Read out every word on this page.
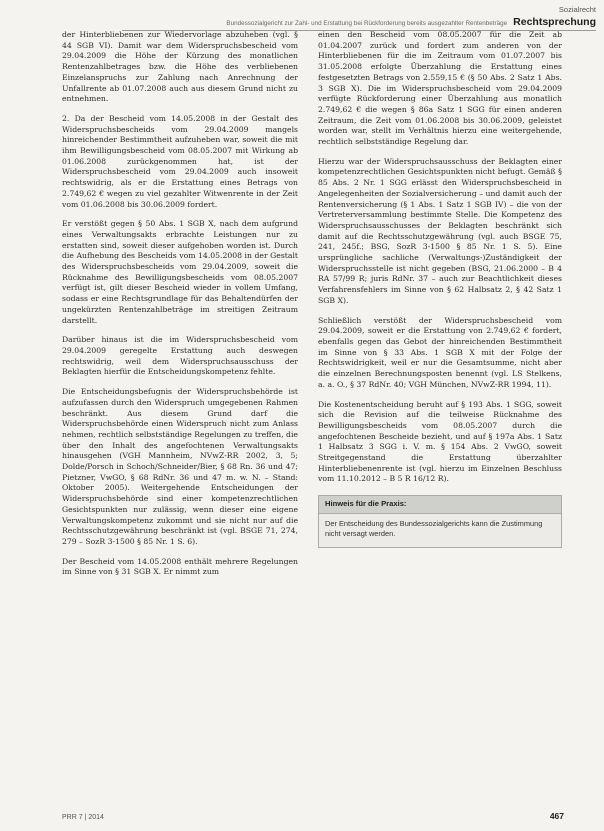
Sozialrecht
Bundessozialgericht zur Zahl- und Erstattung bei Rückforderung bereits ausgezahlter Rentenbeträge Rechtsprechung

der Hinterbliebenen zur Wiedervorlage abzuheben (vgl. § 44 SGB VI). Damit war dem Widerspruchsbescheid vom 29.04.2009 die Höhe der Kürzung des monatlichen Rentenzahlbetrages bzw. die Höhe des verbliebenen Einzelanspruchs zur Zahlung nach Anrechnung der Unfallrente ab 01.07.2008 auch aus diesem Grund nicht zu entnehmen.

2. Da der Bescheid vom 14.05.2008 in der Gestalt des Widerspruchsbescheids vom 29.04.2009 mangels hinreichender Bestimmtheit aufzuheben war, soweit die mit ihm Bewilligungsbescheid vom 08.05.2007 mit Wirkung ab 01.06.2008 zurückgenommen hat, ist der Widerspruchsbescheid vom 29.04.2009 auch insoweit rechtswidrig, als er die Erstattung eines Betrags von 2.749,62 € wegen zu viel gezahlter Witwenrente in der Zeit vom 01.06.2008 bis 30.06.2009 fordert.

Er verstößt gegen § 50 Abs. 1 SGB X, nach dem aufgrund eines Verwaltungsakts erbrachte Leistungen nur zu erstatten sind, soweit dieser aufgehoben worden ist. Durch die Aufhebung des Bescheids vom 14.05.2008 in der Gestalt des Widerspruchsbescheids vom 29.04.2009, soweit die Rücknahme des Bewilligungsbescheids vom 08.05.2007 verfügt ist, gilt dieser Bescheid wieder in vollem Umfang, sodass er eine Rechtsgrundlage für das Behaltendürfen der ungekürzten Rentenzahlbeträge im streitigen Zeitraum darstellt.

Darüber hinaus ist die im Widerspruchsbescheid vom 29.04.2009 geregelte Erstattung auch deswegen rechtswidrig, weil dem Widerspruchsausschuss der Beklagten hierfür die Entscheidungskompetenz fehlte.

Die Entscheidungsbefugnis der Widerspruchsbehörde ist aufzufassen durch den Widerspruch umgegebenen Rahmen beschränkt. Aus diesem Grund darf die Widerspruchsbehörde einen Widerspruch nicht zum Anlass nehmen, rechtlich selbstständige Regelungen zu treffen, die über den Inhalt des angefochtenen Verwaltungsakts hinausgehen (VGH Mannheim, NVwZ-RR 2002, 3, 5; Dolde/Porsch in Schoch/Schneider/Bier, § 68 Rn. 36 und 47; Pietzner, VwGO, § 68 RdNr. 36 und 47 m. w. N. – Stand: Oktober 2005). Weitergehende Entscheidungen der Widerspruchsbehörde sind einer kompetenzrechtlichen Gesichtspunkten nur zulässig, wenn dieser eine eigene Verwaltungskompetenz zukommt und sie nicht nur auf die Rechtsschutzgewährung beschränkt ist (vgl. BSGE 71, 274, 279 – SozR 3-1500 § 85 Nr. 1 S. 6).

Der Bescheid vom 14.05.2008 enthält mehrere Regelungen im Sinne von § 31 SGB X. Er nimmt zum

einen den Bescheid vom 08.05.2007 für die Zeit ab 01.04.2007 zurück und fordert zum anderen von der Hinterbliebenen für die im Zeitraum vom 01.07.2007 bis 31.05.2008 erfolgte Überzahlung die Erstattung eines festgesetzten Betrags von 2.559,15 € (§ 50 Abs. 2 Satz 1 Abs. 3 SGB X). Die im Widerspruchsbescheid vom 29.04.2009 verfügte Rückforderung einer Überzahlung aus monatlich 2.749,62 € die wegen § 86a Satz 1 SGG für einen anderen Zeitraum, die Zeit vom 01.06.2008 bis 30.06.2009, geleistet worden war, stellt im Verhältnis hierzu eine weitergehende, rechtlich selbstständige Regelung dar.

Hierzu war der Widerspruchsausschuss der Beklagten einer kompetenzrechtlichen Gesichtspunkten nicht befugt. Gemäß § 85 Abs. 2 Nr. 1 SGG erlässt den Widerspruchsbescheid in Angelegenheiten der Sozialversicherung – und damit auch der Rentenversicherung (§ 1 Abs. 1 Satz 1 SGB IV) – die von der Vertreterversammlung bestimmte Stelle. Die Kompetenz des Widerspruchsausschusses der Beklagten beschränkt sich damit auf die Rechtsschutzgewährung (vgl. auch BSGE 75, 241, 245f.; BSG, SozR 3-1500 § 85 Nr. 1 S. 5). Eine ursprüngliche sachliche (Verwaltungs-)Zuständigkeit der Widerspruchsstelle ist nicht gegeben (BSG, 21.06.2000 – B 4 RA 57/99 R; juris RdNr. 37 – auch zur Beachtlichkeit dieses Verfahrensfehlers im Sinne von § 62 Halbsatz 2, § 42 Satz 1 SGB X).

Schließlich verstößt der Widerspruchsbescheid vom 29.04.2009, soweit er die Erstattung von 2.749,62 € fordert, ebenfalls gegen das Gebot der hinreichenden Bestimmtheit im Sinne von § 33 Abs. 1 SGB X mit der Folge der Rechtswidrigkeit, weil er nur die Gesamtsumme, nicht aber die einzelnen Berechnungsposten benennt (vgl. LS Stelkens, a. a. O., § 37 RdNr. 40; VGH München, NVwZ-RR 1994, 11).

Die Kostenentscheidung beruht auf § 193 Abs. 1 SGG, soweit sich die Revision auf die teilweise Rücknahme des Bewilligungsbescheids vom 08.05.2007 durch die angefochtenen Bescheide bezieht, und auf § 197a Abs. 1 Satz 1 Halbsatz 3 SGG i. V. m. § 154 Abs. 2 VwGO, soweit Streitgegenstand die Erstattung überzahlter Hinterbliebenenrente ist (vgl. hierzu im Einzelnen Beschluss vom 11.10.2012 – B 5 R 16/12 R).

Hinweis für die Praxis:
Der Entscheidung des Bundessozialgerichts kann die Zustimmung nicht versagt werden.
PRR 7 | 2014	467
